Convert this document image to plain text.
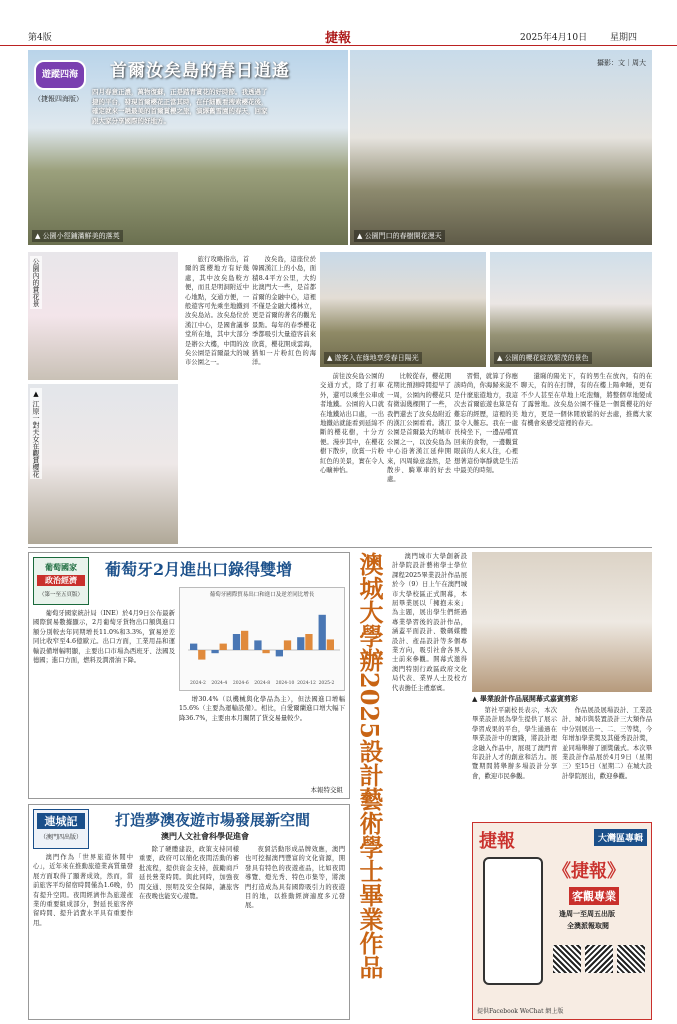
第4版	捷報	2025年4月10日	星期四
遊蹤四海
（捷報四海版）
四月春意正濃，萬物復蘇，正是踏青賞花的好時節。我透過了捷的平台，發現首爾櫻花正當其時，在仔細觀看搜索櫻花後，確定就來一趟最美的首爾賞櫻之旅，演繹舊雪園的春天，回家跟大家分享國際的好地方。
▲ 公園小徑鋪滿鮮美的落英
首爾汝矣島的春日逍遙	攝影：文｜周大
▲ 公園門口的春樹開花漫天
公園內的賞花景
▲ 江原一對夫女在觀賞櫻花
旅行攻略指出，首爾的賞櫻地方有好幾處，其中汝矣島較方便，而且是明洞附近中心地點，交通方便，一般遊客可先乘坐地鐵到汝矣島站。汝矣島位於漢江中心，是國會議事堂所在地，其中大部分是辦公大樓，中間的汝矣公園是首爾最大的城市公園之一。
汝矣島，這座位於韓國漢江上的小島，面積8.4平方公里，大約比澳門大一些，是首都首爾的金融中心，這裡不僅是金融大樓林立，更是首爾的著名的觀光景點。每年的春季櫻花季都吸引大量遊客前來欣賞，櫻花開成雲海，猶如一片粉紅色的海洋。
▲ 遊客入在綠地享受春日陽光	▲ 公園的櫻花綻放繁茂的景色
前往汝矣島公園的交通方式，除了打車外，還可以乘坐公車或者地鐵。公園的入口就在地鐵站出口處，一出地鐵站就能看到延綿不斷的櫻花樹，十分方便。漫步其中，在櫻花樹下散步，欣賞一片粉紅色的美景，實在令人心曠神怡。
比較從春，櫻花開花期比預測時間提早了一周，公園內的櫻花只有微弱幾棵開了一些，我們還去了汝矣島附近的漢江公園看看。漢江公園是首爾最大的城市公園之一，以汝矣島為中心沿著漢江延伸開來，四周綠意盎然，是散步、騎單車的好去處。
習慣，就算了你應該時尚，你海歸來說不是什麼旅遊地方，我這次去首爾旅遊也算是有難忘的經歷，這裡的美景令人難忘。我在一處長椅坐下，一邊品嚐買回來的食物，一邊觀賞眼前的人來人往，心裡想著這份寧靜就是生活中最美的時刻。
還睇的陽光下，有的男生在放內，有的在聊天，有的在打牌，有的在樓上陽傘睡，更有不少人甚至在草地上吃泡麵，將整個草地變成了露營地。汝矣島公園不僅是一個賞櫻花的好地方，更是一個休閒放鬆的好去處，推薦大家有機會來感受這裡的春天。
葡萄國家
政治經濟
（第一至五頁版）
葡萄牙2月進出口錄得雙增
葡萄牙國家統計局（INE）於4月9日公布最新國際貿易數據顯示，2月葡萄牙貨物出口額與進口額分別較去年同期增長11.0%和3.3%，貿易逆差同比收窄至4.6億歐元。出口方面，工業用品和運輸設備增幅明顯，主要出口市場為西班牙、法國及德國；進口方面，燃料及潤滑油下降。
葡萄牙國際貿易出口和進口及逆差同比增長
2024-2 2024-4 2024-6 2024-8 2024-10 2024-12 2025-2
增30.4%（以機械與化學品為主），但法國進口增幅15.6%（主要為運輸設備）。相比，自愛爾蘭進口增大幅下降36.7%，主要由本月關閉了貨交易量較少。
本報特交組
澳城大學辦2025設計藝術學士畢業作品
澳門城市大學創新設計學院設計藝術學士學位課程2025畢業設計作品展於今（9）日上午在澳門城市大學校區正式開幕，本屆畢業展以「擁抱未來」為主題，展出學生們經過專業學習後的設計作品，涵蓋平面設計、數碼媒體設計、產品設計等多個專業方向，吸引社會各界人士前來參觀。開幕式邀得澳門特別行政區政府文化局代表、業界人士及校方代表擔任主禮嘉賓。
▲ 畢業設計作品展開幕式嘉賓剪彩
第社平副校長表示，本次畢業設計展為學生提供了展示學習成果的平台，學生通過在畢業設計中的實踐，將設計理念融入作品中，展現了澳門青年設計人才的創意和活力。展覽期間將舉辦多場設計分享會，歡迎市民參觀。
作品展設展場設計、工業設計、城市與裝置設計三大類作品中分別展出一、二、三等獎，今年增加學業獎及其優秀設計獎，並同場舉辦了頒獎儀式。本次畢業設計作品展於4月9日（星期三）至15日（星期二）在城大設計學院展出，歡迎參觀。
捷報	大灣區專輯
《捷報》
客觀專業
逢周一至周五出版
全澳派報取閱
提供Facebook WeChat 網上版
連城記
（澳門四出版）
打造夢澳夜遊市場發展新空間
澳門人文社會科學促進會
澳門作為「世界旅遊休閒中心」，近年來在推動旅遊業高質量發展方面取得了顯著成效，然而，當前旅客平均留宿時間僅為1.6晚，仍有提升空間。夜間經濟作為旅遊產業的重要組成部分，對延長旅客停留時間、提升消費水平具有重要作用。
除了硬體建設，政策支持同樣重要，政府可以簡化夜間活動的審批流程，提供資金支持，鼓勵商戶延長營業時間。與此同時，加強夜間交通、照明及安全保障，讓旅客在夜晚也能安心遊覽。
夜貿活動形成品牌效應，澳門也可挖掘澳門豐富的文化資源，開發具有特色的夜遊產品，比如夜間導覽、燈光秀、特色市集等，將澳門打造成為具有國際吸引力的夜遊目的地，以推動經濟適度多元發展。
